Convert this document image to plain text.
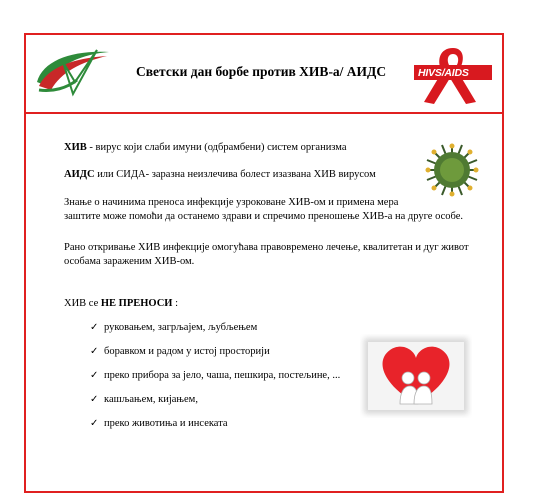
Светски дан борбе против ХИВ-а/ АИДС	HIVS/AIDS
ХИВ - вирус који слаби имуни (одбрамбени) систем организма
АИДС или СИДА- заразна неизлечива болест изазвана ХИВ вирусом
Знање о начинима преноса инфекције узроковане ХИВ-ом и примена мера
заштите може помоћи да останемо здрави и спречимо преношење ХИВ-а на друге особе.
Рано откривање ХИВ инфекције омогућава правовремено лечење, квалитетан и дуг живот
особама зараженим ХИВ-ом.
ХИВ се НЕ ПРЕНОСИ :
✓ руковањем, загрљајем, љубљењем
✓ боравком и радом у истој просторији
✓ преко прибора за јело, чаша, пешкира, постељине, ...
✓ кашљањем, кијањем,
✓ преко животиња и инсеката
